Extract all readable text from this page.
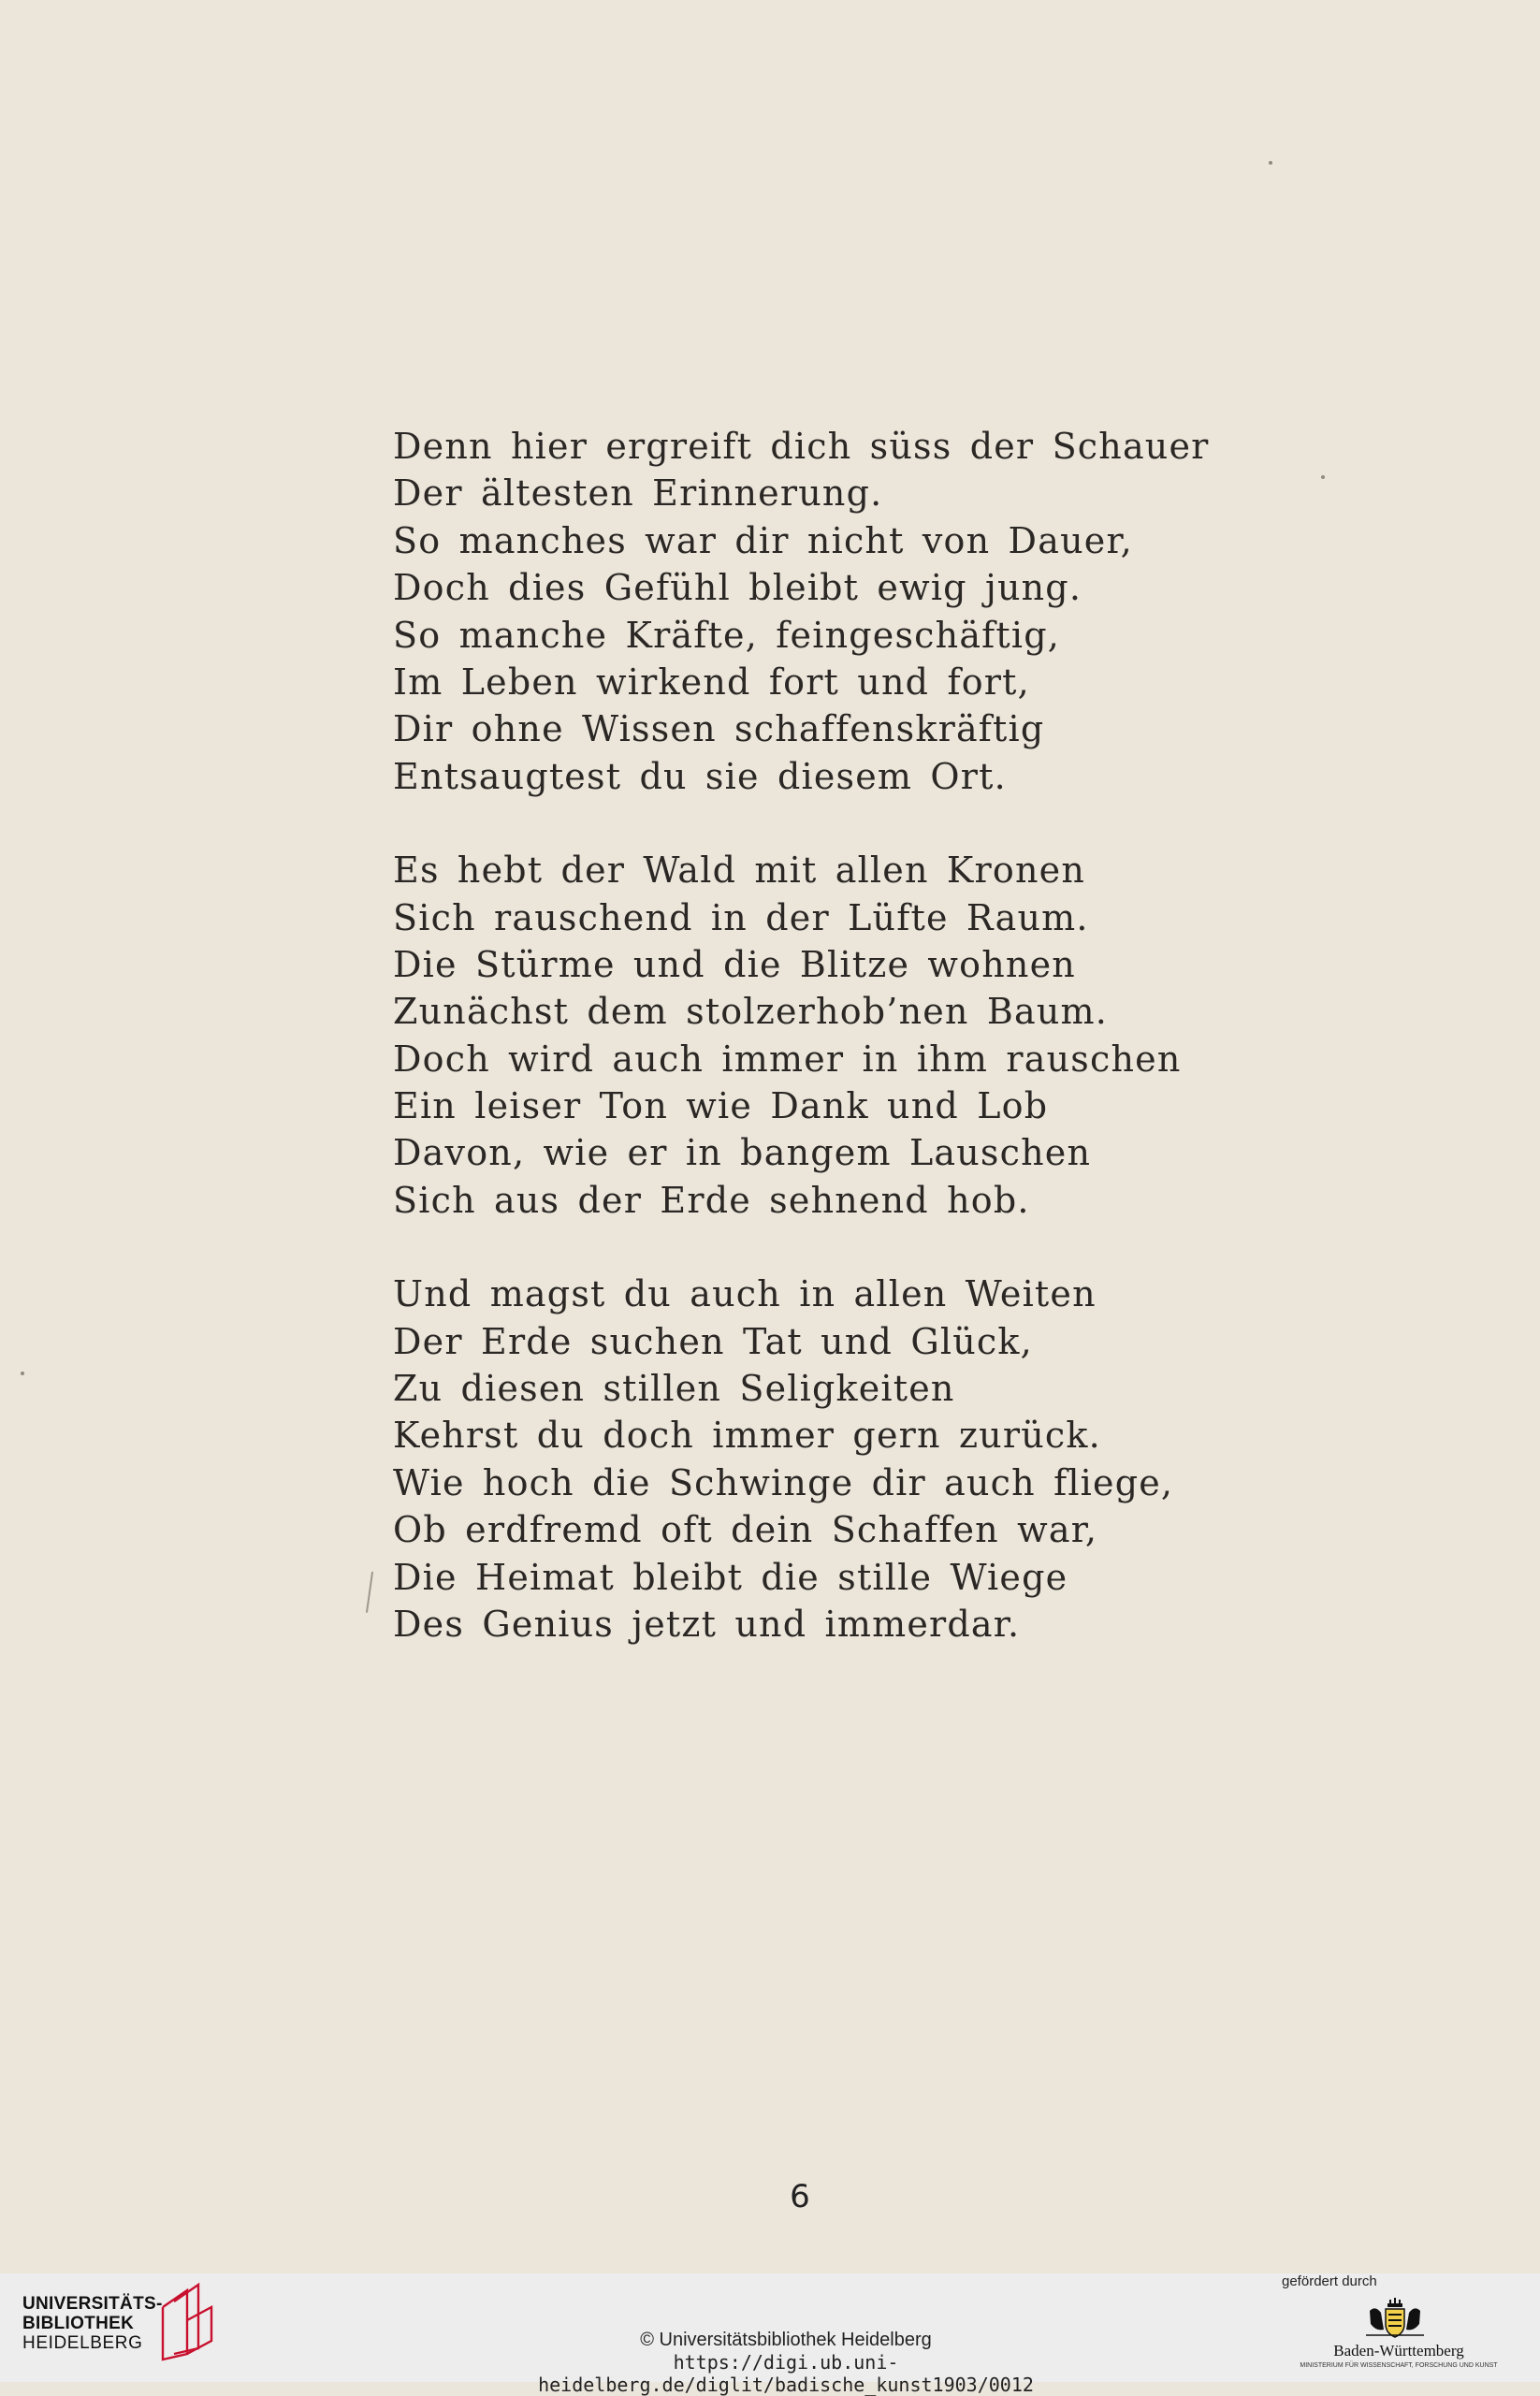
Denn hier ergreift dich süss der Schauer
Der ältesten Erinnerung.
So manches war dir nicht von Dauer,
Doch dies Gefühl bleibt ewig jung.
So manche Kräfte, feingeschäftig,
Im Leben wirkend fort und fort,
Dir ohne Wissen schaffenskräftig
Entsaugtest du sie diesem Ort.
Es hebt der Wald mit allen Kronen
Sich rauschend in der Lüfte Raum.
Die Stürme und die Blitze wohnen
Zunächst dem stolzerhob’nen Baum.
Doch wird auch immer in ihm rauschen
Ein leiser Ton wie Dank und Lob
Davon, wie er in bangem Lauschen
Sich aus der Erde sehnend hob.
Und magst du auch in allen Weiten
Der Erde suchen Tat und Glück,
Zu diesen stillen Seligkeiten
Kehrst du doch immer gern zurück.
Wie hoch die Schwinge dir auch fliege,
Ob erdfremd oft dein Schaffen war,
Die Heimat bleibt die stille Wiege
Des Genius jetzt und immerdar.
6
UNIVERSITÄTS-
BIBLIOTHEK
HEIDELBERG	© Universitätsbibliothek Heidelberg
https://digi.ub.uni-heidelberg.de/diglit/badische_kunst1903/0012
gefördert durch
Baden-Württemberg
MINISTERIUM FÜR WISSENSCHAFT, FORSCHUNG UND KUNST
